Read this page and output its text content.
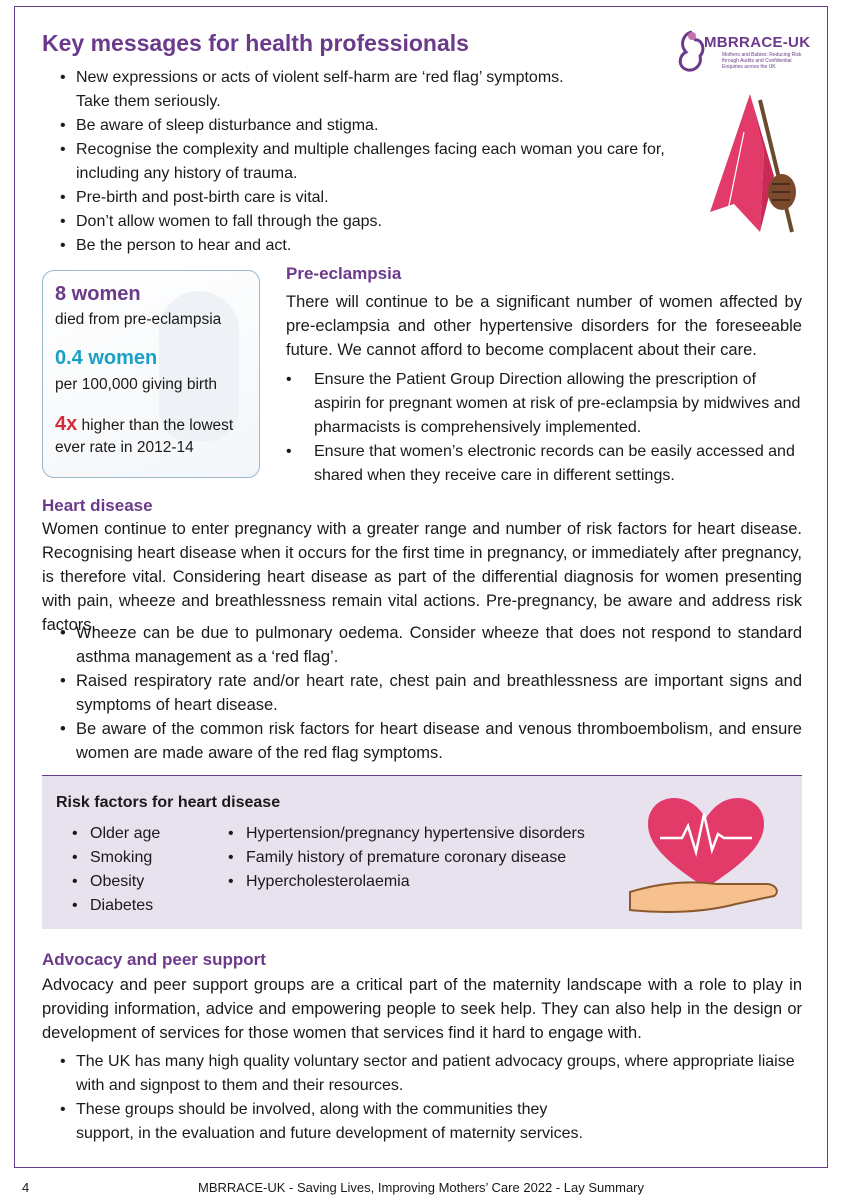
MBRRACE-UK
Mothers and Babies: Reducing Risk through Audits and Confidential Enquiries across the UK
Key messages for health professionals
• New expressions or acts of violent self-harm are ‘red flag’ symptoms.
Take them seriously.
• Be aware of sleep disturbance and stigma.
• Recognise the complexity and multiple challenges facing each woman you care for,
including any history of trauma.
• Pre-birth and post-birth care is vital.
• Don’t allow women to fall through the gaps.
• Be the person to hear and act.

8 women

died from pre-eclampsia

0.4 women

per 100,000 giving birth

4x higher than the lowest
ever rate in 2012-14

Pre-eclampsia

There will continue to be a significant number of women affected by pre-eclampsia and other hypertensive disorders for the foreseeable future. We cannot afford to become complacent about their care.

• Ensure the Patient Group Direction allowing the prescription of aspirin for pregnant women at risk of pre-eclampsia by midwives and pharmacists is comprehensively implemented.
• Ensure that women’s electronic records can be easily accessed and shared when they receive care in different settings.
Heart disease

Women continue to enter pregnancy with a greater range and number of risk factors for heart disease. Recognising heart disease when it occurs for the first time in pregnancy, or immediately after pregnancy, is therefore vital. Considering heart disease as part of the differential diagnosis for women presenting with pain, wheeze and breathlessness remain vital actions. Pre-pregnancy, be aware and address risk factors.

• Wheeze can be due to pulmonary oedema. Consider wheeze that does not respond to standard asthma management as a ‘red flag’.
• Raised respiratory rate and/or heart rate, chest pain and breathlessness are important signs and symptoms of heart disease.
• Be aware of the common risk factors for heart disease and venous thromboembolism, and ensure women are made aware of the red flag symptoms.
Risk factors for heart disease
• Older age
• Smoking
• Obesity
• Diabetes
• Hypertension/pregnancy hypertensive disorders
• Family history of premature coronary disease
• Hypercholesterolaemia
Advocacy and peer support

Advocacy and peer support groups are a critical part of the maternity landscape with a role to play in providing information, advice and empowering people to seek help. They can also help in the design or development of services for those women that services find it hard to engage with.

• The UK has many high quality voluntary sector and patient advocacy groups, where appropriate liaise with and signpost to them and their resources.
• These groups should be involved, along with the communities they
support, in the evaluation and future development of maternity services.
MBRRACE-UK - Saving Lives, Improving Mothers’ Care 2022 - Lay Summary
4
